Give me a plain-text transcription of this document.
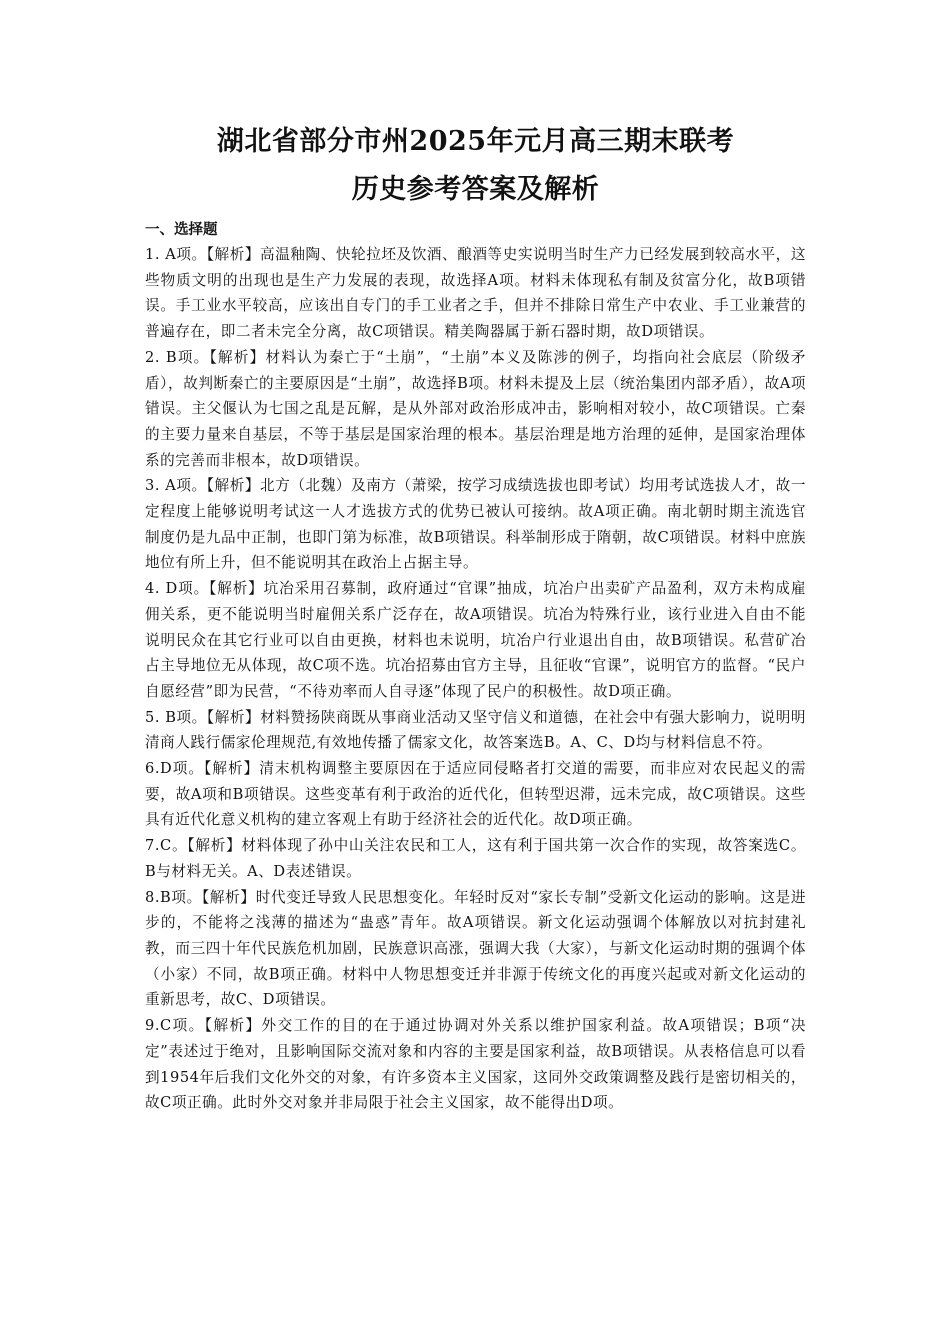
湖北省部分市州2025年元月高三期末联考
历史参考答案及解析
一、选择题

1. A项。【解析】高温釉陶、快轮拉坯及饮酒、酿酒等史实说明当时生产力已经发展到较高水平，这些物质文明的出现也是生产力发展的表现，故选择A项。材料未体现私有制及贫富分化，故B项错误。手工业水平较高，应该出自专门的手工业者之手，但并不排除日常生产中农业、手工业兼营的普遍存在，即二者未完全分离，故C项错误。精美陶器属于新石器时期，故D项错误。

2. B项。【解析】材料认为秦亡于“土崩”，“土崩”本义及陈涉的例子，均指向社会底层（阶级矛盾），故判断秦亡的主要原因是“土崩”，故选择B项。材料未提及上层（统治集团内部矛盾），故A项错误。主父偃认为七国之乱是瓦解，是从外部对政治形成冲击，影响相对较小，故C项错误。亡秦的主要力量来自基层，不等于基层是国家治理的根本。基层治理是地方治理的延伸，是国家治理体系的完善而非根本，故D项错误。

3. A项。【解析】北方（北魏）及南方（萧梁，按学习成绩选拔也即考试）均用考试选拔人才，故一定程度上能够说明考试这一人才选拔方式的优势已被认可接纳。故A项正确。南北朝时期主流选官制度仍是九品中正制，也即门第为标准，故B项错误。科举制形成于隋朝，故C项错误。材料中庶族地位有所上升，但不能说明其在政治上占据主导。

4. D项。【解析】坑冶采用召募制，政府通过“官课”抽成，坑冶户出卖矿产品盈利，双方未构成雇佣关系，更不能说明当时雇佣关系广泛存在，故A项错误。坑冶为特殊行业，该行业进入自由不能说明民众在其它行业可以自由更换，材料也未说明，坑冶户行业退出自由，故B项错误。私营矿冶占主导地位无从体现，故C项不选。坑冶招募由官方主导，且征收“官课”，说明官方的监督。“民户自愿经营”即为民营，“不待劝率而人自寻逐”体现了民户的积极性。故D项正确。

5. B项。【解析】材料赞扬陕商既从事商业活动又坚守信义和道德，在社会中有强大影响力，说明明清商人践行儒家伦理规范,有效地传播了儒家文化，故答案选B。A、C、D均与材料信息不符。

6.D项。【解析】清末机构调整主要原因在于适应同侵略者打交道的需要，而非应对农民起义的需要，故A项和B项错误。这些变革有利于政治的近代化，但转型迟滞，远未完成，故C项错误。这些具有近代化意义机构的建立客观上有助于经济社会的近代化。故D项正确。

7.C。【解析】材料体现了孙中山关注农民和工人，这有利于国共第一次合作的实现，故答案选C。B与材料无关。A、D表述错误。

8.B项。【解析】时代变迁导致人民思想变化。年轻时反对“家长专制”受新文化运动的影响。这是进步的，不能将之浅薄的描述为“蛊惑”青年。故A项错误。新文化运动强调个体解放以对抗封建礼教，而三四十年代民族危机加剧，民族意识高涨，强调大我（大家），与新文化运动时期的强调个体（小家）不同，故B项正确。材料中人物思想变迁并非源于传统文化的再度兴起或对新文化运动的重新思考，故C、D项错误。

9.C项。【解析】外交工作的目的在于通过协调对外关系以维护国家利益。故A项错误；B项“决定”表述过于绝对，且影响国际交流对象和内容的主要是国家利益，故B项错误。从表格信息可以看到1954年后我们文化外交的对象，有许多资本主义国家，这同外交政策调整及践行是密切相关的，故C项正确。此时外交对象并非局限于社会主义国家，故不能得出D项。
